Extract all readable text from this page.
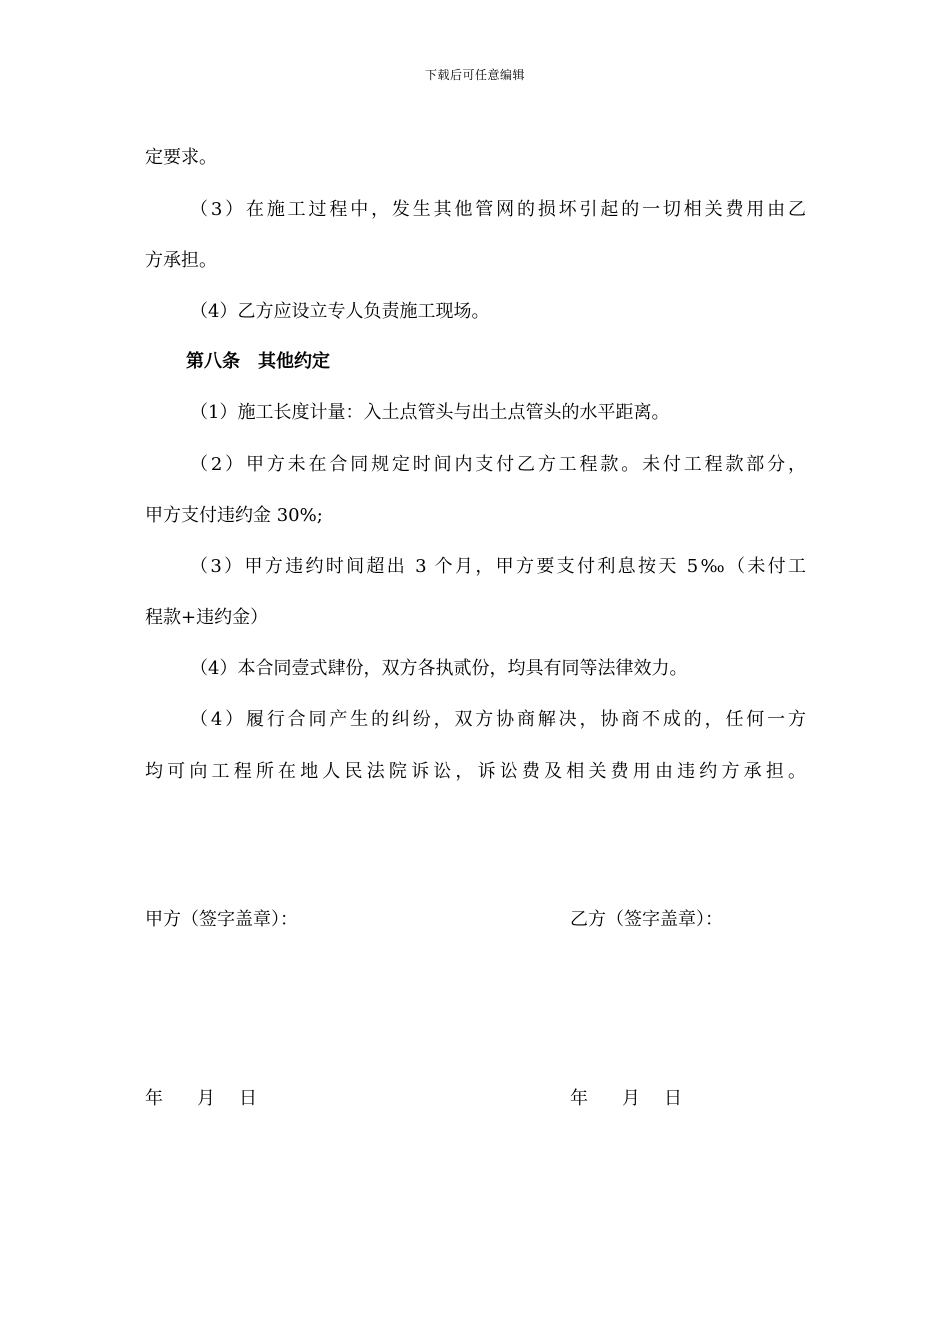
下载后可任意编辑
定要求。
（3）在施工过程中，发生其他管网的损坏引起的一切相关费用由乙
方承担。
（4）乙方应设立专人负责施工现场。
第八条　其他约定
（1）施工长度计量：入土点管头与出土点管头的水平距离。
（2）甲方未在合同规定时间内支付乙方工程款。未付工程款部分，
甲方支付违约金 30%;
（3）甲方违约时间超出 3 个月，甲方要支付利息按天 5‰（未付工
程款+违约金）
（4）本合同壹式肆份，双方各执贰份，均具有同等法律效力。
（4）履行合同产生的纠纷，双方协商解决，协商不成的，任何一方
均可向工程所在地人民法院诉讼，诉讼费及相关费用由违约方承担。
甲方（签字盖章）：	乙方（签字盖章）：
年 月 日	年 月 日
